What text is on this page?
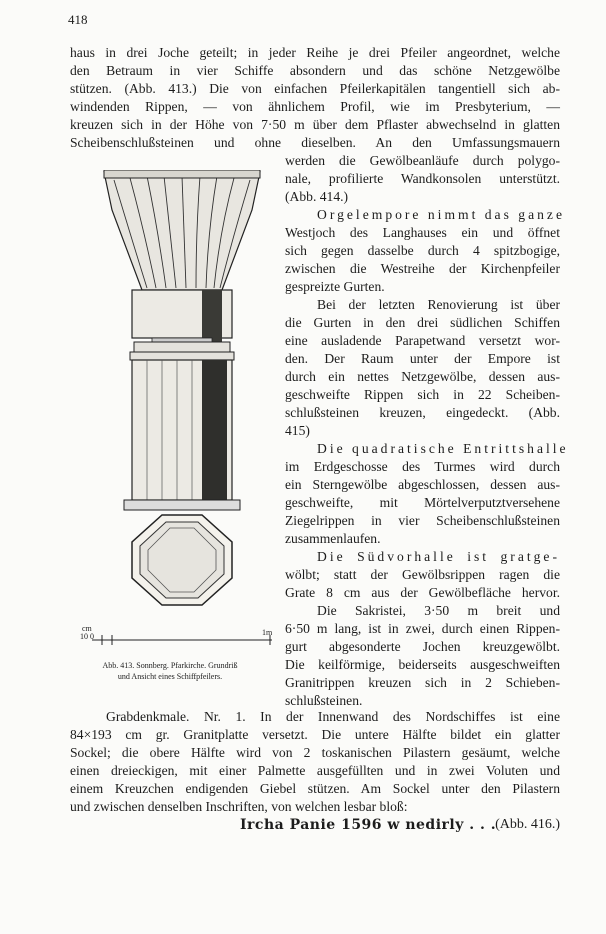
418
haus in drei Joche geteilt; in jeder Reihe je drei Pfeiler angeordnet, welche
den Betraum in vier Schiffe absondern und das schöne Netzgewölbe
stützen. (Abb. 413.) Die von einfachen Pfeilerkapitälen tangentiell sich ab-
windenden Rippen, — von ähnlichem Profil, wie im Presbyterium, —
kreuzen sich in der Höhe von 7·50 m über dem Pflaster abwechselnd in glatten
Scheibenschlußsteinen und ohne dieselben. An den Umfassungsmauern
cm
10 0	1m
Abb. 413. Sonnberg. Pfarkirche. Grundriß
und Ansicht eines Schiffpfeilers.
werden die Gewölbeanläufe durch polygo-
nale, profilierte Wandkonsolen unterstützt.
(Abb. 414.)
Orgelempore nimmt das ganze
Westjoch des Langhauses ein und öffnet
sich gegen dasselbe durch 4 spitzbogige,
zwischen die Westreihe der Kirchenpfeiler
gespreizte Gurten.
Bei der letzten Renovierung ist über
die Gurten in den drei südlichen Schiffen
eine ausladende Parapetwand versetzt wor-
den. Der Raum unter der Empore ist
durch ein nettes Netzgewölbe, dessen aus-
geschweifte Rippen sich in 22 Scheiben-
schlußsteinen kreuzen, eingedeckt. (Abb.
415)
Die quadratische Entrittshalle
im Erdgeschosse des Turmes wird durch
ein Sterngewölbe abgeschlossen, dessen aus-
geschweifte, mit Mörtelverputztversehene
Ziegelrippen in vier Scheibenschlußsteinen
zusammenlaufen.
Die Südvorhalle ist gratge-
wölbt; statt der Gewölbsrippen ragen die
Grate 8 cm aus der Gewölbefläche hervor.
Die Sakristei, 3·50 m breit und
6·50 m lang, ist in zwei, durch einen Rippen-
gurt abgesonderte Jochen kreuzgewölbt.
Die keilförmige, beiderseits ausgeschweiften
Granitrippen kreuzen sich in 2 Schieben-
schlußsteinen.
Grabdenkmale. Nr. 1. In der Innenwand des Nordschiffes ist eine
84×193 cm gr. Granitplatte versetzt. Die untere Hälfte bildet ein glatter
Sockel; die obere Hälfte wird von 2 toskanischen Pilastern gesäumt, welche
einen dreieckigen, mit einer Palmette ausgefüllten und in zwei Voluten und
einem Kreuzchen endigenden Giebel stützen. Am Sockel unter den Pilastern
und zwischen denselben Inschriften, von welchen lesbar bloß:
Ircha Panie 1596 w nedirly . . .
(Abb. 416.)
